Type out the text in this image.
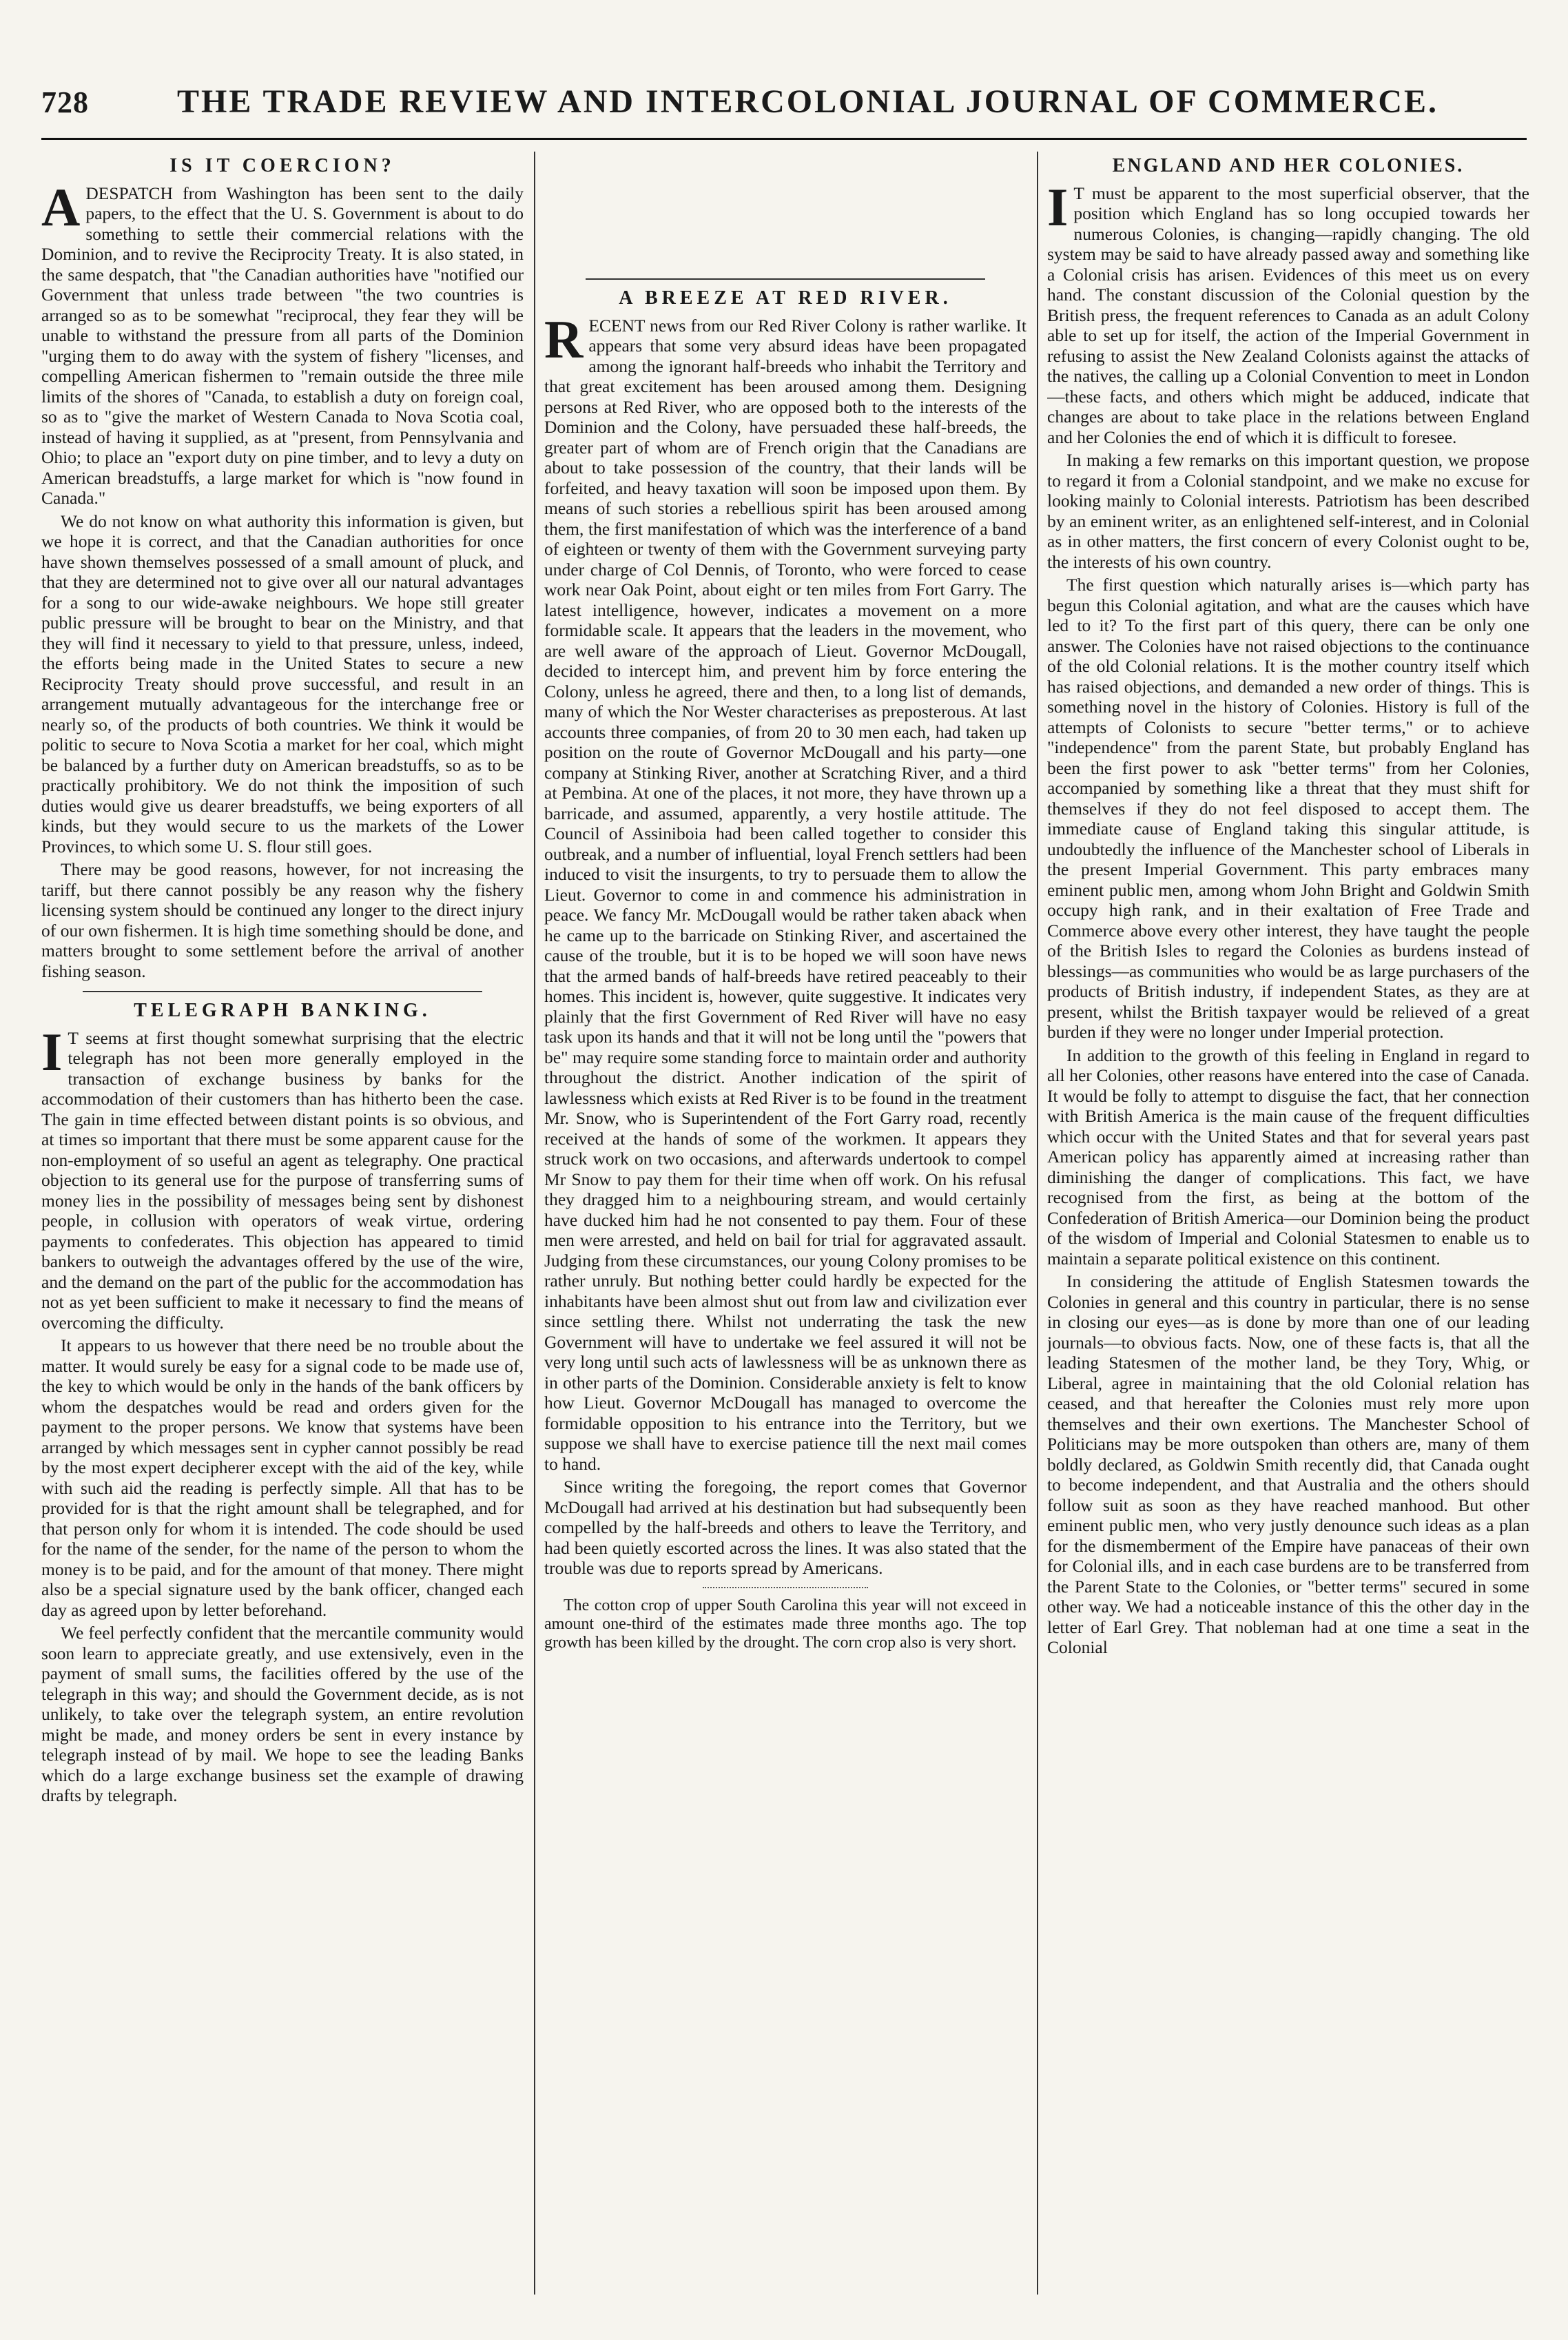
728	THE TRADE REVIEW AND INTERCOLONIAL JOURNAL OF COMMERCE.
IS IT COERCION?

ADESPATCH from Washington has been sent to the daily papers, to the effect that the U. S. Government is about to do something to settle their commercial relations with the Dominion, and to revive the Reciprocity Treaty. It is also stated, in the same despatch, that "the Canadian authorities have "notified our Government that unless trade between "the two countries is arranged so as to be somewhat "reciprocal, they fear they will be unable to withstand the pressure from all parts of the Dominion "urging them to do away with the system of fishery "licenses, and compelling American fishermen to "remain outside the three mile limits of the shores of "Canada, to establish a duty on foreign coal, so as to "give the market of Western Canada to Nova Scotia coal, instead of having it supplied, as at "present, from Pennsylvania and Ohio; to place an "export duty on pine timber, and to levy a duty on American breadstuffs, a large market for which is "now found in Canada."

We do not know on what authority this information is given, but we hope it is correct, and that the Canadian authorities for once have shown themselves possessed of a small amount of pluck, and that they are determined not to give over all our natural advantages for a song to our wide-awake neighbours. We hope still greater public pressure will be brought to bear on the Ministry, and that they will find it necessary to yield to that pressure, unless, indeed, the efforts being made in the United States to secure a new Reciprocity Treaty should prove successful, and result in an arrangement mutually advantageous for the interchange free or nearly so, of the products of both countries. We think it would be politic to secure to Nova Scotia a market for her coal, which might be balanced by a further duty on American breadstuffs, so as to be practically prohibitory. We do not think the imposition of such duties would give us dearer breadstuffs, we being exporters of all kinds, but they would secure to us the markets of the Lower Provinces, to which some U. S. flour still goes.

There may be good reasons, however, for not increasing the tariff, but there cannot possibly be any reason why the fishery licensing system should be continued any longer to the direct injury of our own fishermen. It is high time something should be done, and matters brought to some settlement before the arrival of another fishing season.

TELEGRAPH BANKING.

IT seems at first thought somewhat surprising that the electric telegraph has not been more generally employed in the transaction of exchange business by banks for the accommodation of their customers than has hitherto been the case. The gain in time effected between distant points is so obvious, and at times so important that there must be some apparent cause for the non-employment of so useful an agent as telegraphy. One practical objection to its general use for the purpose of transferring sums of money lies in the possibility of messages being sent by dishonest people, in collusion with operators of weak virtue, ordering payments to confederates. This objection has appeared to timid bankers to outweigh the advantages offered by the use of the wire, and the demand on the part of the public for the accommodation has not as yet been sufficient to make it necessary to find the means of overcoming the difficulty.

It appears to us however that there need be no trouble about the matter. It would surely be easy for a signal code to be made use of, the key to which would be only in the hands of the bank officers by whom the despatches would be read and orders given for the payment to the proper persons. We know that systems have been arranged by which messages sent in cypher cannot possibly be read by the most expert decipherer except with the aid of the key, while with such aid the reading is perfectly simple. All that has to be provided for is that the right amount shall be telegraphed, and for that person only for whom it is intended. The code should be used for the name of the sender, for the name of the person to whom the money is to be paid, and for the amount of that money. There might also be a special signature used by the bank officer, changed each day as agreed upon by letter beforehand.

We feel perfectly confident that the mercantile community would soon learn to appreciate greatly, and use extensively, even in the payment of small sums, the facilities offered by the use of the telegraph in this way; and should the Government decide, as is not unlikely, to take over the telegraph system, an entire revolution might be made, and money orders be sent in every instance by telegraph instead of by mail. We hope to see the leading Banks which do a large exchange business set the example of drawing drafts by telegraph.

A BREEZE AT RED RIVER.

RECENT news from our Red River Colony is rather warlike. It appears that some very absurd ideas have been propagated among the ignorant half-breeds who inhabit the Territory and that great excitement has been aroused among them. Designing persons at Red River, who are opposed both to the interests of the Dominion and the Colony, have persuaded these half-breeds, the greater part of whom are of French origin that the Canadians are about to take possession of the country, that their lands will be forfeited, and heavy taxation will soon be imposed upon them. By means of such stories a rebellious spirit has been aroused among them, the first manifestation of which was the interference of a band of eighteen or twenty of them with the Government surveying party under charge of Col Dennis, of Toronto, who were forced to cease work near Oak Point, about eight or ten miles from Fort Garry. The latest intelligence, however, indicates a movement on a more formidable scale. It appears that the leaders in the movement, who are well aware of the approach of Lieut. Governor McDougall, decided to intercept him, and prevent him by force entering the Colony, unless he agreed, there and then, to a long list of demands, many of which the Nor Wester characterises as preposterous. At last accounts three companies, of from 20 to 30 men each, had taken up position on the route of Governor McDougall and his party—one company at Stinking River, another at Scratching River, and a third at Pembina. At one of the places, it not more, they have thrown up a barricade, and assumed, apparently, a very hostile attitude. The Council of Assiniboia had been called together to consider this outbreak, and a number of influential, loyal French settlers had been induced to visit the insurgents, to try to persuade them to allow the Lieut. Governor to come in and commence his administration in peace. We fancy Mr. McDougall would be rather taken aback when he came up to the barricade on Stinking River, and ascertained the cause of the trouble, but it is to be hoped we will soon have news that the armed bands of half-breeds have retired peaceably to their homes. This incident is, however, quite suggestive. It indicates very plainly that the first Government of Red River will have no easy task upon its hands and that it will not be long until the "powers that be" may require some standing force to maintain order and authority throughout the district. Another indication of the spirit of lawlessness which exists at Red River is to be found in the treatment Mr. Snow, who is Superintendent of the Fort Garry road, recently received at the hands of some of the workmen. It appears they struck work on two occasions, and afterwards undertook to compel Mr Snow to pay them for their time when off work. On his refusal they dragged him to a neighbouring stream, and would certainly have ducked him had he not consented to pay them. Four of these men were arrested, and held on bail for trial for aggravated assault. Judging from these circumstances, our young Colony promises to be rather unruly. But nothing better could hardly be expected for the inhabitants have been almost shut out from law and civilization ever since settling there. Whilst not underrating the task the new Government will have to undertake we feel assured it will not be very long until such acts of lawlessness will be as unknown there as in other parts of the Dominion. Considerable anxiety is felt to know how Lieut. Governor McDougall has managed to overcome the formidable opposition to his entrance into the Territory, but we suppose we shall have to exercise patience till the next mail comes to hand.

Since writing the foregoing, the report comes that Governor McDougall had arrived at his destination but had subsequently been compelled by the half-breeds and others to leave the Territory, and had been quietly escorted across the lines. It was also stated that the trouble was due to reports spread by Americans.

The cotton crop of upper South Carolina this year will not exceed in amount one-third of the estimates made three months ago. The top growth has been killed by the drought. The corn crop also is very short.

ENGLAND AND HER COLONIES.

IT must be apparent to the most superficial observer, that the position which England has so long occupied towards her numerous Colonies, is changing—rapidly changing. The old system may be said to have already passed away and something like a Colonial crisis has arisen. Evidences of this meet us on every hand. The constant discussion of the Colonial question by the British press, the frequent references to Canada as an adult Colony able to set up for itself, the action of the Imperial Government in refusing to assist the New Zealand Colonists against the attacks of the natives, the calling up a Colonial Convention to meet in London—these facts, and others which might be adduced, indicate that changes are about to take place in the relations between England and her Colonies the end of which it is difficult to foresee.

In making a few remarks on this important question, we propose to regard it from a Colonial standpoint, and we make no excuse for looking mainly to Colonial interests. Patriotism has been described by an eminent writer, as an enlightened self-interest, and in Colonial as in other matters, the first concern of every Colonist ought to be, the interests of his own country.

The first question which naturally arises is—which party has begun this Colonial agitation, and what are the causes which have led to it? To the first part of this query, there can be only one answer. The Colonies have not raised objections to the continuance of the old Colonial relations. It is the mother country itself which has raised objections, and demanded a new order of things. This is something novel in the history of Colonies. History is full of the attempts of Colonists to secure "better terms," or to achieve "independence" from the parent State, but probably England has been the first power to ask "better terms" from her Colonies, accompanied by something like a threat that they must shift for themselves if they do not feel disposed to accept them. The immediate cause of England taking this singular attitude, is undoubtedly the influence of the Manchester school of Liberals in the present Imperial Government. This party embraces many eminent public men, among whom John Bright and Goldwin Smith occupy high rank, and in their exaltation of Free Trade and Commerce above every other interest, they have taught the people of the British Isles to regard the Colonies as burdens instead of blessings—as communities who would be as large purchasers of the products of British industry, if independent States, as they are at present, whilst the British taxpayer would be relieved of a great burden if they were no longer under Imperial protection.

In addition to the growth of this feeling in England in regard to all her Colonies, other reasons have entered into the case of Canada. It would be folly to attempt to disguise the fact, that her connection with British America is the main cause of the frequent difficulties which occur with the United States and that for several years past American policy has apparently aimed at increasing rather than diminishing the danger of complications. This fact, we have recognised from the first, as being at the bottom of the Confederation of British America—our Dominion being the product of the wisdom of Imperial and Colonial Statesmen to enable us to maintain a separate political existence on this continent.

In considering the attitude of English Statesmen towards the Colonies in general and this country in particular, there is no sense in closing our eyes—as is done by more than one of our leading journals—to obvious facts. Now, one of these facts is, that all the leading Statesmen of the mother land, be they Tory, Whig, or Liberal, agree in maintaining that the old Colonial relation has ceased, and that hereafter the Colonies must rely more upon themselves and their own exertions. The Manchester School of Politicians may be more outspoken than others are, many of them boldly declared, as Goldwin Smith recently did, that Canada ought to become independent, and that Australia and the others should follow suit as soon as they have reached manhood. But other eminent public men, who very justly denounce such ideas as a plan for the dismemberment of the Empire have panaceas of their own for Colonial ills, and in each case burdens are to be transferred from the Parent State to the Colonies, or "better terms" secured in some other way. We had a noticeable instance of this the other day in the letter of Earl Grey. That nobleman had at one time a seat in the Colonial
